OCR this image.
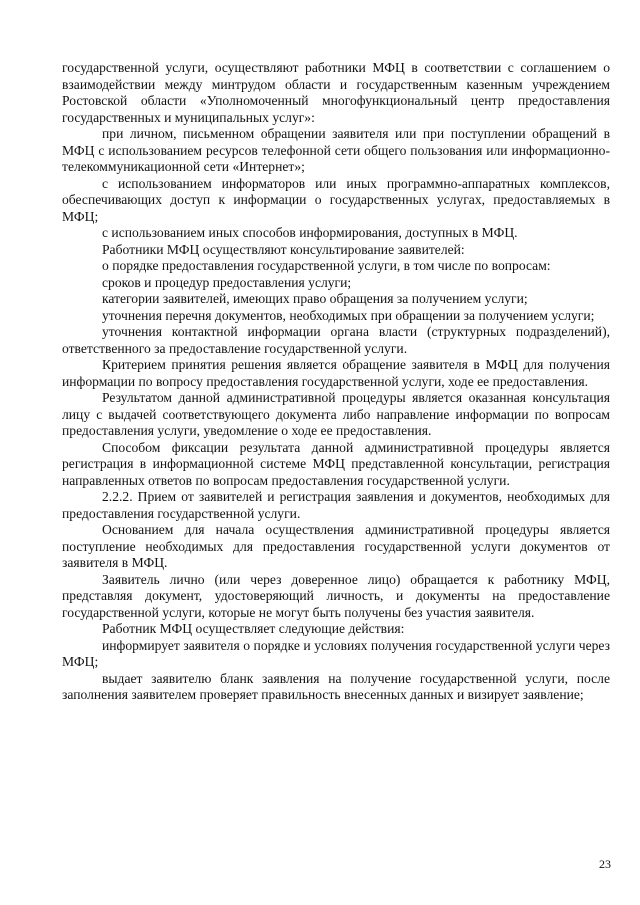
государственной услуги, осуществляют работники МФЦ в соответствии с соглашением о взаимодействии между минтрудом области и государственным казенным учреждением Ростовской области «Уполномоченный многофункциональный центр предоставления государственных и муниципальных услуг»:

при личном, письменном обращении заявителя или при поступлении обращений в МФЦ с использованием ресурсов телефонной сети общего пользования или информационно-телекоммуникационной сети «Интернет»;

с использованием информаторов или иных программно-аппаратных комплексов, обеспечивающих доступ к информации о государственных услугах, предоставляемых в МФЦ;

с использованием иных способов информирования, доступных в МФЦ.

Работники МФЦ осуществляют консультирование заявителей:

о порядке предоставления государственной услуги, в том числе по вопросам:

сроков и процедур предоставления услуги;

категории заявителей, имеющих право обращения за получением услуги;

уточнения перечня документов, необходимых при обращении за получением услуги;

уточнения контактной информации органа власти (структурных подразделений), ответственного за предоставление государственной услуги.

Критерием принятия решения является обращение заявителя в МФЦ для получения информации по вопросу предоставления государственной услуги, ходе ее предоставления.

Результатом данной административной процедуры является оказанная консультация лицу с выдачей соответствующего документа либо направление информации по вопросам предоставления услуги, уведомление о ходе ее предоставления.

Способом фиксации результата данной административной процедуры является регистрация в информационной системе МФЦ представленной консультации, регистрация направленных ответов по вопросам предоставления государственной услуги.

2.2.2. Прием от заявителей и регистрация заявления и документов, необходимых для предоставления государственной услуги.

Основанием для начала осуществления административной процедуры является поступление необходимых для предоставления государственной услуги документов от заявителя в МФЦ.

Заявитель лично (или через доверенное лицо) обращается к работнику МФЦ, представляя документ, удостоверяющий личность, и документы на предоставление государственной услуги, которые не могут быть получены без участия заявителя.

Работник МФЦ осуществляет следующие действия:

информирует заявителя о порядке и условиях получения государственной услуги через МФЦ;

выдает заявителю бланк заявления на получение государственной услуги, после заполнения заявителем проверяет правильность внесенных данных и визирует заявление;

23
